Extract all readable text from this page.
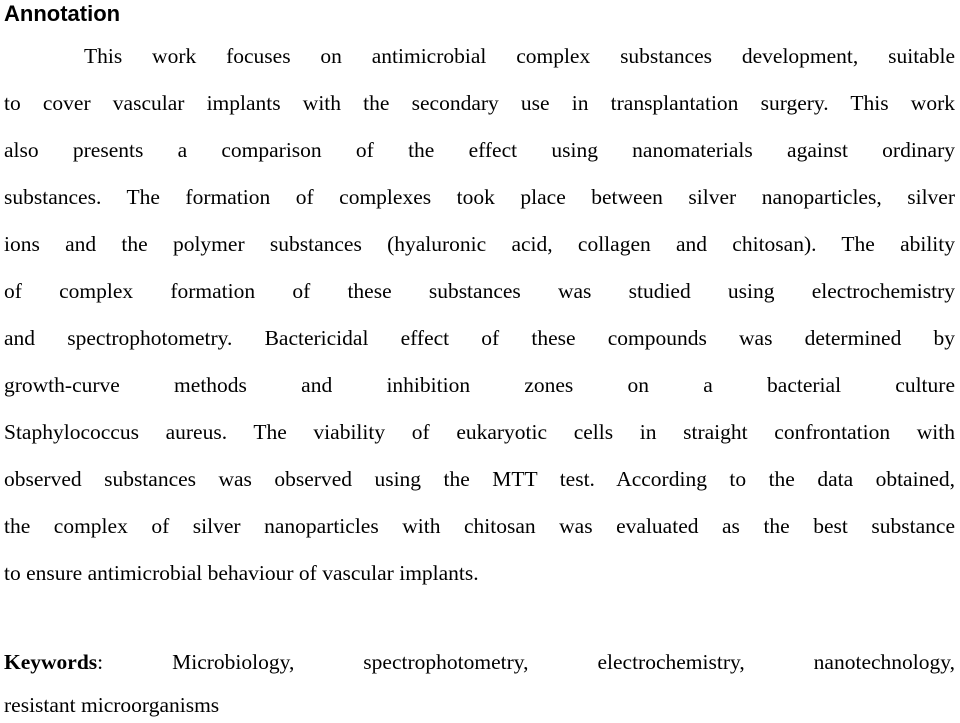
Annotation
This work focuses on antimicrobial complex substances development, suitable
to cover vascular implants with the secondary use in transplantation surgery. This work
also presents a comparison of the effect using nanomaterials against ordinary
substances. The formation of complexes took place between silver nanoparticles, silver
ions and the polymer substances (hyaluronic acid, collagen and chitosan). The ability
of complex formation of these substances was studied using electrochemistry
and spectrophotometry. Bactericidal effect of these compounds was determined by
growth-curve methods and inhibition zones on a bacterial culture
Staphylococcus aureus. The viability of eukaryotic cells in straight confrontation with
observed substances was observed using the MTT test. According to the data obtained,
the complex of silver nanoparticles with chitosan was evaluated as the best substance
to ensure antimicrobial behaviour of vascular implants.
Keywords:	Microbiology, spectrophotometry, electrochemistry, nanotechnology,
resistant microorganisms
